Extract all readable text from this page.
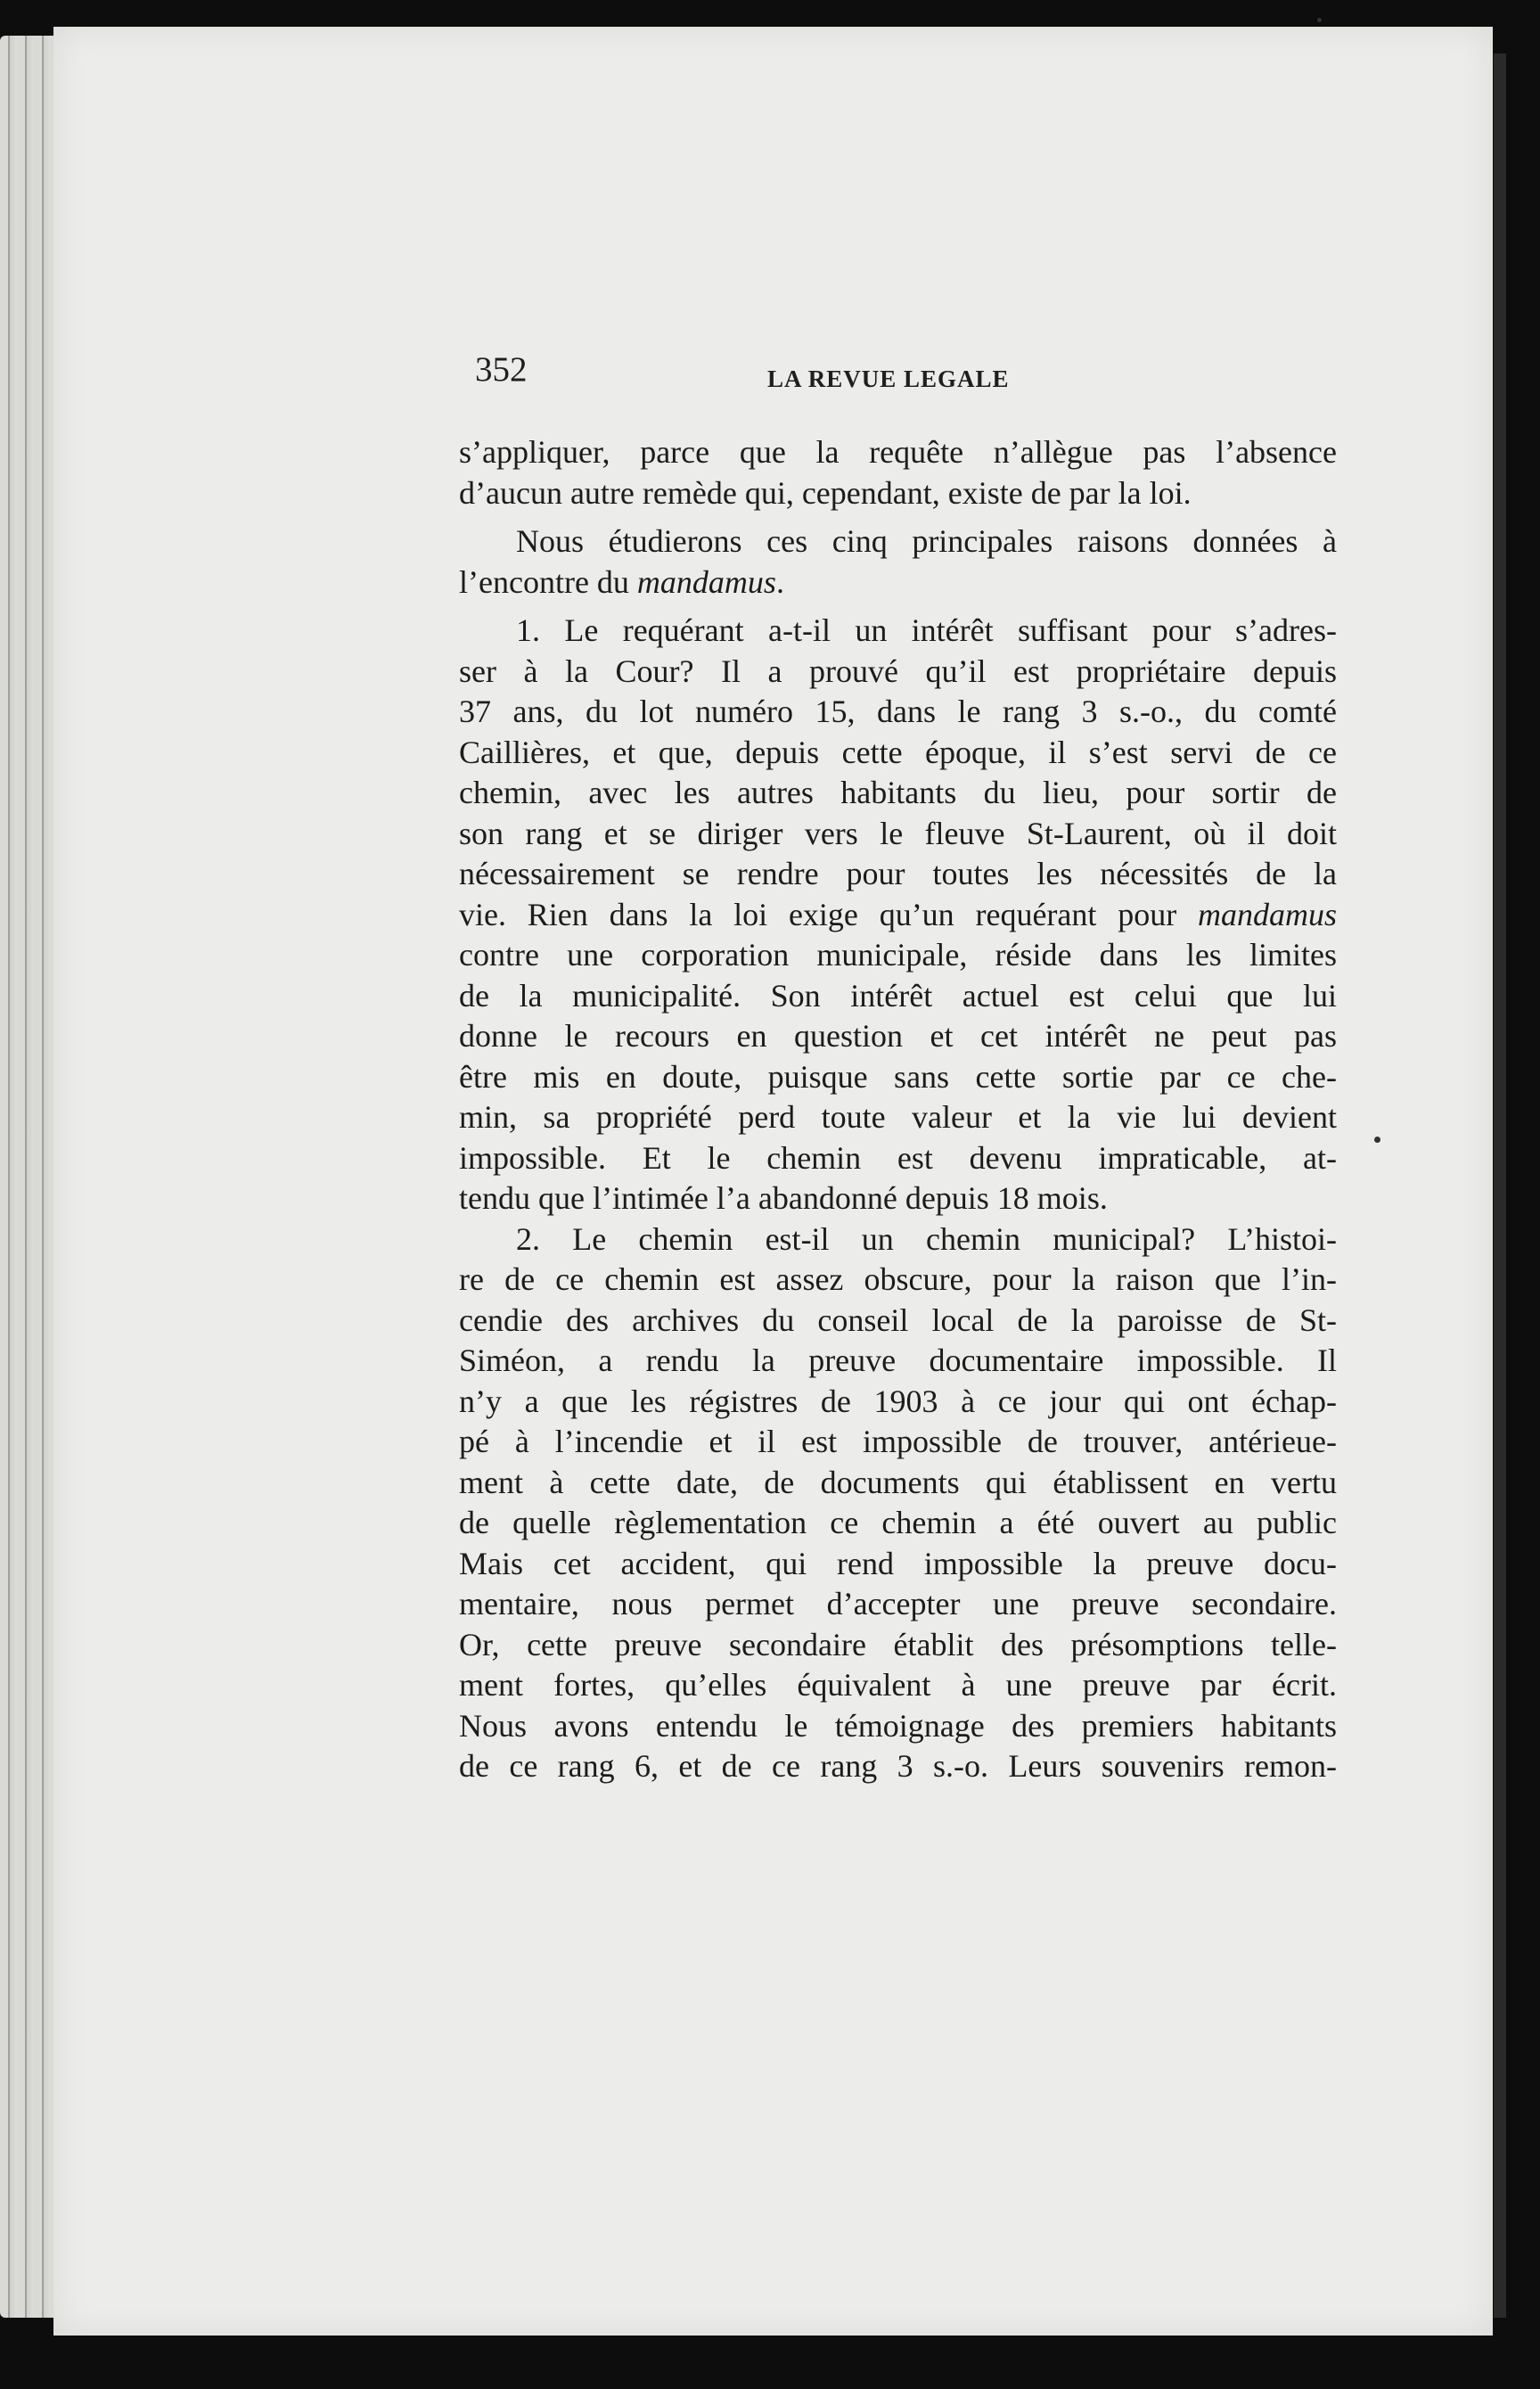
352	LA REVUE LEGALE
s’appliquer, parce que la requête n’allègue pas l’absence
d’aucun autre remède qui, cependant, existe de par la loi.
Nous étudierons ces cinq principales raisons données à
l’encontre du mandamus.
1. Le requérant a-t-il un intérêt suffisant pour s’adres-
ser à la Cour? Il a prouvé qu’il est propriétaire depuis
37 ans, du lot numéro 15, dans le rang 3 s.-o., du comté
Caillières, et que, depuis cette époque, il s’est servi de ce
chemin, avec les autres habitants du lieu, pour sortir de
son rang et se diriger vers le fleuve St-Laurent, où il doit
nécessairement se rendre pour toutes les nécessités de la
vie. Rien dans la loi exige qu’un requérant pour mandamus
contre une corporation municipale, réside dans les limites
de la municipalité. Son intérêt actuel est celui que lui
donne le recours en question et cet intérêt ne peut pas
être mis en doute, puisque sans cette sortie par ce che-
min, sa propriété perd toute valeur et la vie lui devient
impossible. Et le chemin est devenu impraticable, at-
tendu que l’intimée l’a abandonné depuis 18 mois.
2. Le chemin est-il un chemin municipal? L’histoi-
re de ce chemin est assez obscure, pour la raison que l’in-
cendie des archives du conseil local de la paroisse de St-
Siméon, a rendu la preuve documentaire impossible. Il
n’y a que les régistres de 1903 à ce jour qui ont échap-
pé à l’incendie et il est impossible de trouver, antérieue-
ment à cette date, de documents qui établissent en vertu
de quelle règlementation ce chemin a été ouvert au public
Mais cet accident, qui rend impossible la preuve docu-
mentaire, nous permet d’accepter une preuve secondaire.
Or, cette preuve secondaire établit des présomptions telle-
ment fortes, qu’elles équivalent à une preuve par écrit.
Nous avons entendu le témoignage des premiers habitants
de ce rang 6, et de ce rang 3 s.-o. Leurs souvenirs remon-
